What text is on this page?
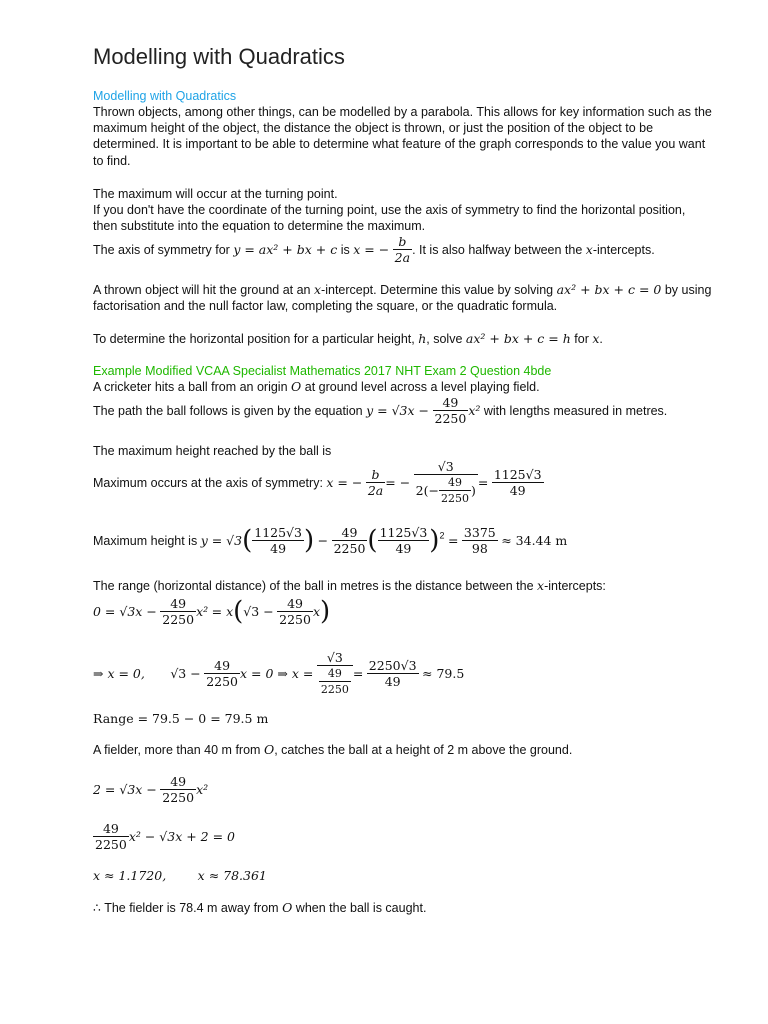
Modelling with Quadratics
Modelling with Quadratics
Thrown objects, among other things, can be modelled by a parabola. This allows for key information such as the maximum height of the object, the distance the object is thrown, or just the position of the object to be determined. It is important to be able to determine what feature of the graph corresponds to the value you want to find.
The maximum will occur at the turning point.
If you don't have the coordinate of the turning point, use the axis of symmetry to find the horizontal position, then substitute into the equation to determine the maximum.
The axis of symmetry for y = ax² + bx + c is x = − $\frac{b}{2a}$ . It is also halfway between the x-intercepts.
A thrown object will hit the ground at an x-intercept. Determine this value by solving ax² + bx + c = 0 by using factorisation and the null factor law, completing the square, or the quadratic formula.
To determine the horizontal position for a particular height, h, solve ax² + bx + c = h for x.
Example Modified VCAA Specialist Mathematics 2017 NHT Exam 2 Question 4bde
A cricketer hits a ball from an origin O at ground level across a level playing field.
The path the ball follows is given by the equation $y = √3x - \frac{49}{2250} x^2$ with lengths measured in metres.
The maximum height reached by the ball is
Maximum occurs at the axis of symmetry: x = − $\frac{b}{2a}$ = − $\frac{√3}{2(- \frac{49}{2250} )} = \frac{1125√3}{49}$
Maximum height is $y = √3( \frac{1125√3}{49}$ ) − $\frac{49}{2250}$ ( $\frac{1125√3}{49} )^2 = \frac{3375}{98} \approx 34.44$ m
The range (horizontal distance) of the ball in metres is the distance between the x-intercepts:
$0 = √3x - \frac{49}{2250} x^2 = x(√3 - \frac{49}{2250} x)$
⇒ x = 0, $√3 - \frac{49}{2250}$ x = 0 ⇒ $x = \frac{√3}{\frac{49}{2250}} = \frac{2250√3}{49} \approx 79.5$
Range = 79.5 − 0 = 79.5 m
A fielder, more than 40 m from O, catches the ball at a height of 2 m above the ground.
$2 = √3x - \frac{49}{2250} x^2$
$\frac{49}{2250} x^2 - √3x + 2 = 0$
x ≈ 1.1720,	x ≈ 78.361
∴ The fielder is 78.4 m away from O when the ball is caught.
